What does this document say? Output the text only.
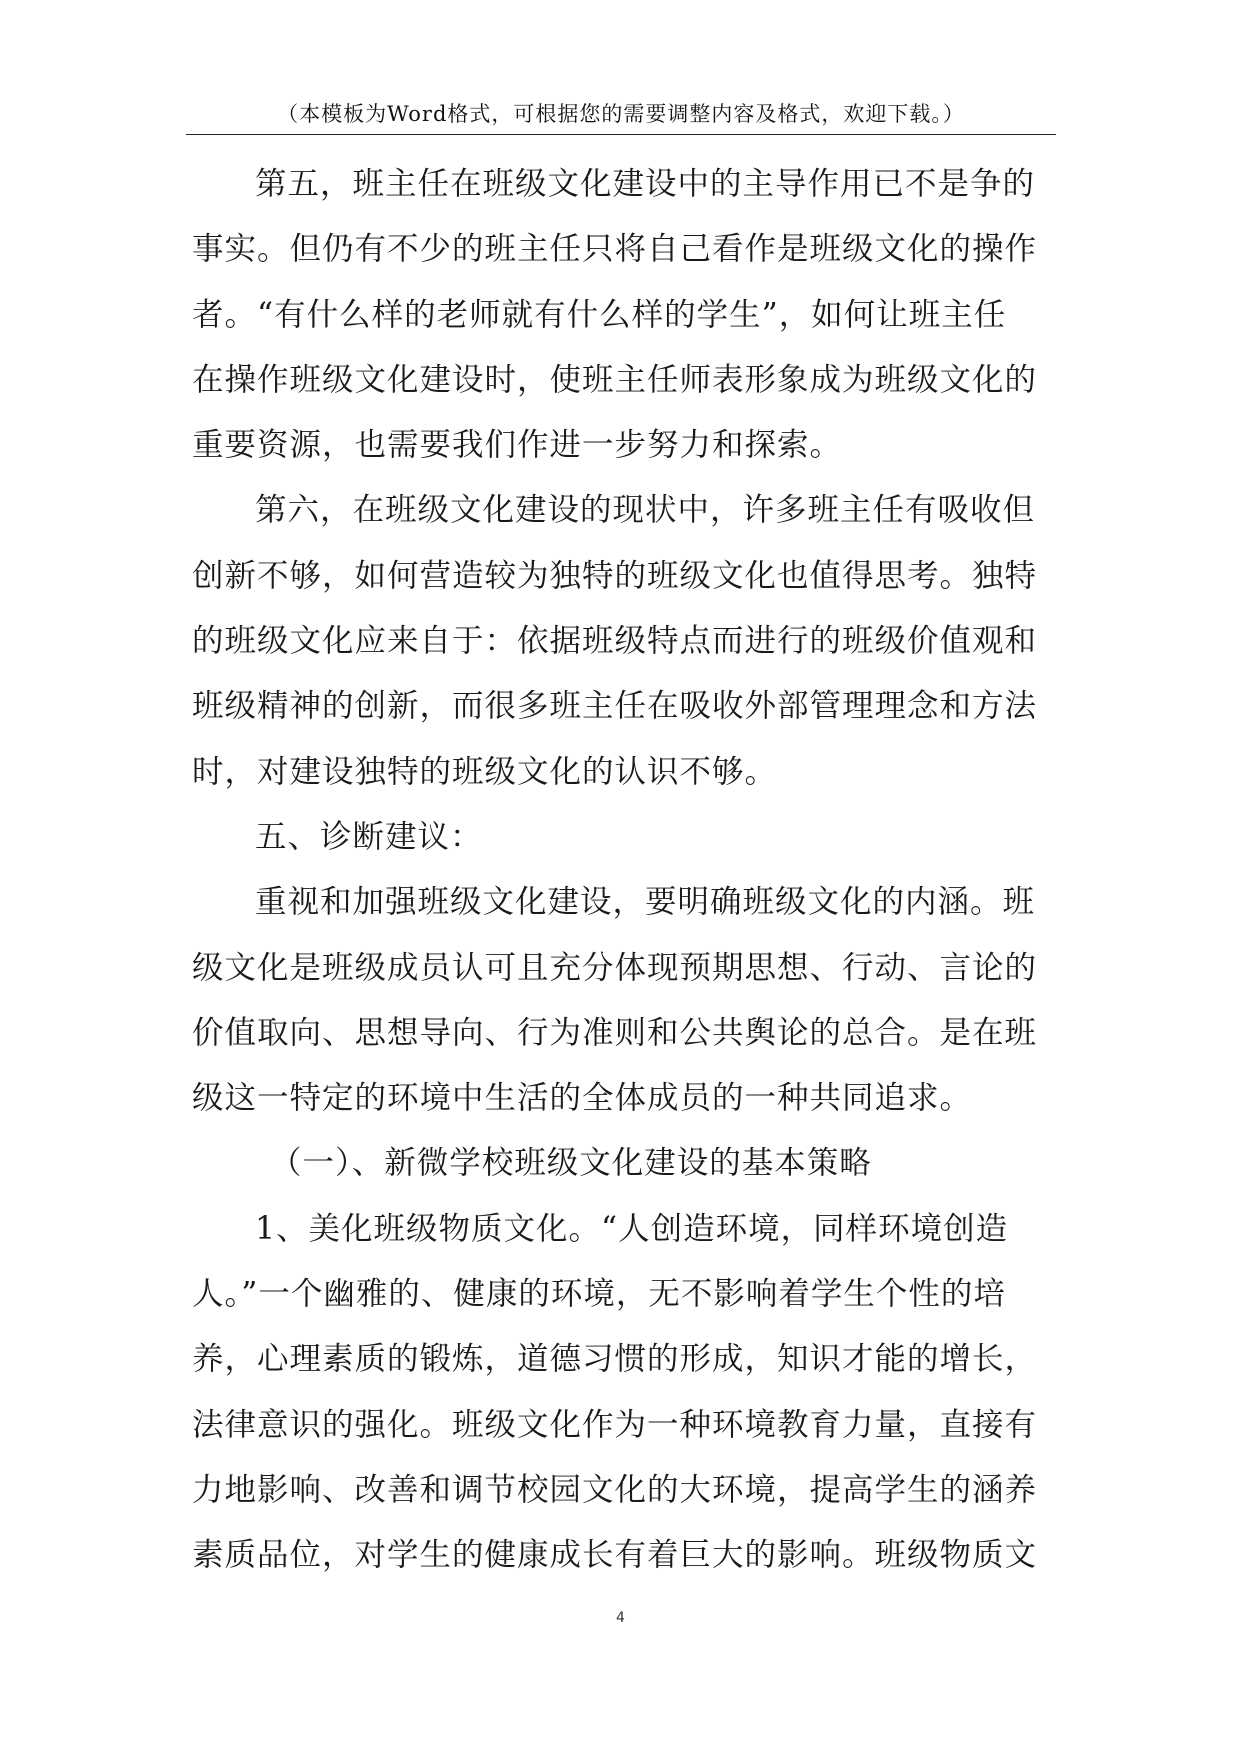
（本模板为Word格式，可根据您的需要调整内容及格式，欢迎下载。）
第五，班主任在班级文化建设中的主导作用已不是争的
事实。但仍有不少的班主任只将自己看作是班级文化的操作
者。“有什么样的老师就有什么样的学生”，如何让班主任
在操作班级文化建设时，使班主任师表形象成为班级文化的
重要资源，也需要我们作进一步努力和探索。
第六，在班级文化建设的现状中，许多班主任有吸收但
创新不够，如何营造较为独特的班级文化也值得思考。独特
的班级文化应来自于：依据班级特点而进行的班级价值观和
班级精神的创新，而很多班主任在吸收外部管理理念和方法
时，对建设独特的班级文化的认识不够。
五、诊断建议：
重视和加强班级文化建设，要明确班级文化的内涵。班
级文化是班级成员认可且充分体现预期思想、行动、言论的
价值取向、思想导向、行为准则和公共舆论的总合。是在班
级这一特定的环境中生活的全体成员的一种共同追求。
（一）、新微学校班级文化建设的基本策略
1、美化班级物质文化。“人创造环境，同样环境创造
人。”一个幽雅的、健康的环境，无不影响着学生个性的培
养，心理素质的锻炼，道德习惯的形成，知识才能的增长，
法律意识的强化。班级文化作为一种环境教育力量，直接有
力地影响、改善和调节校园文化的大环境，提高学生的涵养
素质品位，对学生的健康成长有着巨大的影响。班级物质文
4
